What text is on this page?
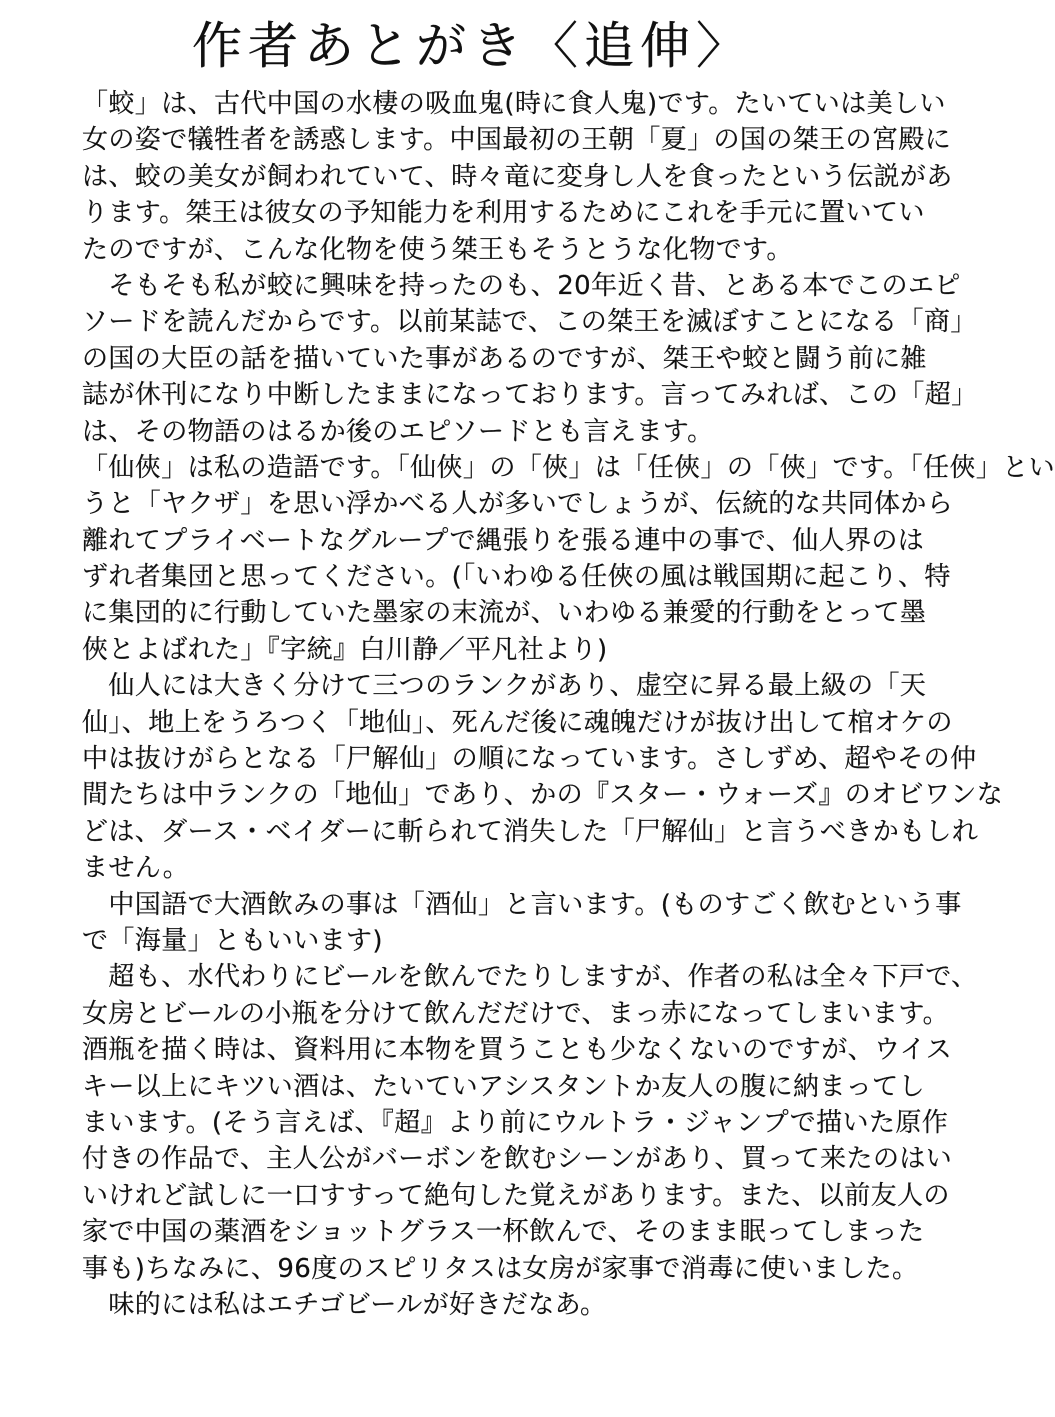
作者あとがき〈追伸〉
「蛟」は、古代中国の水棲の吸血鬼(時に食人鬼)です。たいていは美しい
女の姿で犠牲者を誘惑します。中国最初の王朝「夏」の国の桀王の宮殿に
は、蛟の美女が飼われていて、時々竜に変身し人を食ったという伝説があ
ります。桀王は彼女の予知能力を利用するためにこれを手元に置いてい
たのですが、こんな化物を使う桀王もそうとうな化物です。
　そもそも私が蛟に興味を持ったのも、20年近く昔、とある本でこのエピ
ソードを読んだからです。以前某誌で、この桀王を滅ぼすことになる「商」
の国の大臣の話を描いていた事があるのですが、桀王や蛟と闘う前に雑
誌が休刊になり中断したままになっております。言ってみれば、この「超」
は、その物語のはるか後のエピソードとも言えます。
「仙俠」は私の造語です。「仙俠」の「俠」は「任俠」の「俠」です。「任俠」とい
うと「ヤクザ」を思い浮かべる人が多いでしょうが、伝統的な共同体から
離れてプライベートなグループで縄張りを張る連中の事で、仙人界のは
ずれ者集団と思ってください。(「いわゆる任俠の風は戦国期に起こり、特
に集団的に行動していた墨家の末流が、いわゆる兼愛的行動をとって墨
俠とよばれた」『字統』白川静／平凡社より)
　仙人には大きく分けて三つのランクがあり、虚空に昇る最上級の「天
仙」、地上をうろつく「地仙」、死んだ後に魂魄だけが抜け出して棺オケの
中は抜けがらとなる「尸解仙」の順になっています。さしずめ、超やその仲
間たちは中ランクの「地仙」であり、かの『スター・ウォーズ』のオビワンな
どは、ダース・ベイダーに斬られて消失した「尸解仙」と言うべきかもしれ
ません。
　中国語で大酒飲みの事は「酒仙」と言います。(ものすごく飲むという事
で「海量」ともいいます)
　超も、水代わりにビールを飲んでたりしますが、作者の私は全々下戸で、
女房とビールの小瓶を分けて飲んだだけで、まっ赤になってしまいます。
酒瓶を描く時は、資料用に本物を買うことも少なくないのですが、ウイス
キー以上にキツい酒は、たいていアシスタントか友人の腹に納まってし
まいます。(そう言えば、『超』より前にウルトラ・ジャンプで描いた原作
付きの作品で、主人公がバーボンを飲むシーンがあり、買って来たのはい
いけれど試しに一口すすって絶句した覚えがあります。また、以前友人の
家で中国の薬酒をショットグラス一杯飲んで、そのまま眠ってしまった
事も)ちなみに、96度のスピリタスは女房が家事で消毒に使いました。
　味的には私はエチゴビールが好きだなあ。
